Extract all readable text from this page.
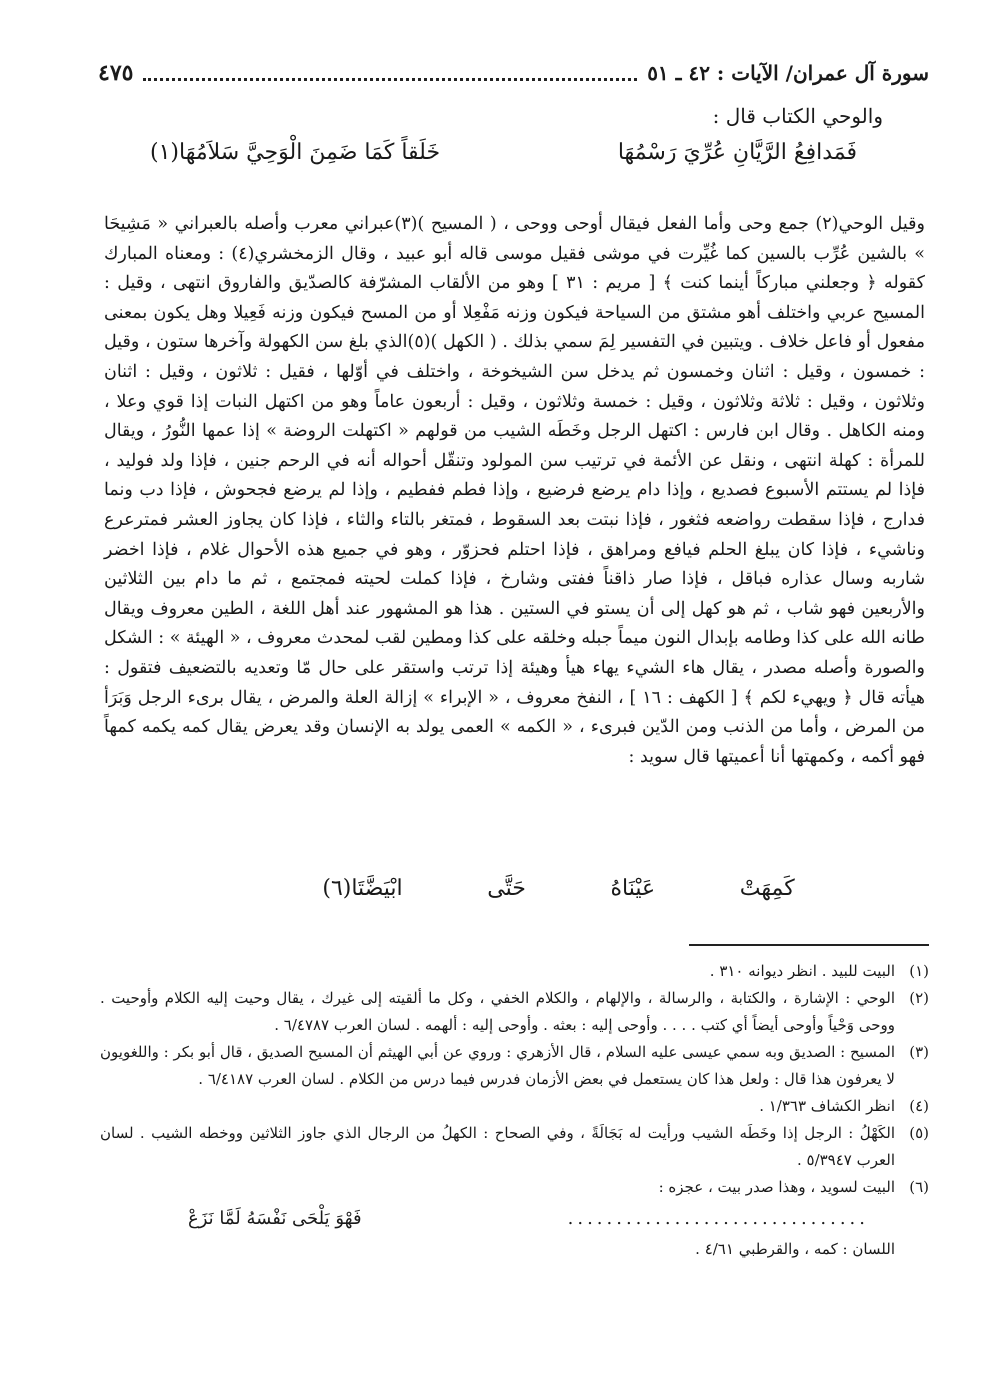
سورة آل عمران/ الآيات : ٤٢ ـ ٥١
٤٧٥
والوحي الكتاب قال :
فَمَدافِعُ الرَّيَّانِ عُرِّيَ رَسْمُهَا
خَلَقاً كَمَا ضَمِنَ الْوَحِيَّ سَلاَمُهَا(١)

وقيل الوحي(٢) جمع وحى وأما الفعل فيقال أوحى ووحى ، ( المسيح )(٣)عبراني معرب وأصله بالعبراني « مَشِيحَا » بالشين عُرِّب بالسين كما غُيِّرت في موشى فقيل موسى قاله أبو عبيد ، وقال الزمخشري(٤) : ومعناه المبارك كقوله ﴿ وجعلني مباركاً أينما كنت ﴾ [ مريم : ٣١ ] وهو من الألقاب المشرّفة كالصدّيق والفاروق انتهى ، وقيل : المسيح عربي واختلف أهو مشتق من السياحة فيكون وزنه مَفْعِلا أو من المسح فيكون وزنه فَعِيلا وهل يكون بمعنى مفعول أو فاعل خلاف . ويتبين في التفسير لِمَ سمي بذلك . ( الكهل )(٥)الذي بلغ سن الكهولة وآخرها ستون ، وقيل : خمسون ، وقيل : اثنان وخمسون ثم يدخل سن الشيخوخة ، واختلف في أوّلها ، فقيل : ثلاثون ، وقيل : اثنان وثلاثون ، وقيل : ثلاثة وثلاثون ، وقيل : خمسة وثلاثون ، وقيل : أربعون عاماً وهو من اكتهل النبات إذا قوي وعلا ، ومنه الكاهل . وقال ابن فارس : اكتهل الرجل وخَطَه الشيب من قولهم « اكتهلت الروضة » إذا عمها النُّورُ ، ويقال للمرأة : كهلة انتهى ، ونقل عن الأئمة في ترتيب سن المولود وتنقّل أحواله أنه في الرحم جنين ، فإذا ولد فوليد ، فإذا لم يستتم الأسبوع فصديع ، وإذا دام يرضع فرضيع ، وإذا فطم ففطيم ، وإذا لم يرضع فجحوش ، فإذا دب ونما فدارج ، فإذا سقطت رواضعه فثغور ، فإذا نبتت بعد السقوط ، فمتغر بالتاء والثاء ، فإذا كان يجاوز العشر فمترعرع وناشيء ، فإذا كان يبلغ الحلم فيافع ومراهق ، فإذا احتلم فحزوّر ، وهو في جميع هذه الأحوال غلام ، فإذا اخضر شاربه وسال عذاره فباقل ، فإذا صار ذاقناً ففتى وشارخ ، فإذا كملت لحيته فمجتمع ، ثم ما دام بين الثلاثين والأربعين فهو شاب ، ثم هو كهل إلى أن يستو في الستين . هذا هو المشهور عند أهل اللغة ، الطين معروف ويقال طانه الله على كذا وطامه بإبدال النون ميماً جبله وخلقه على كذا ومطين لقب لمحدث معروف ، « الهيئة » : الشكل والصورة وأصله مصدر ، يقال هاء الشيء يهاء هيأ وهيئة إذا ترتب واستقر على حال مّا وتعديه بالتضعيف فتقول : هيأته قال ﴿ ويهيء لكم ﴾ [ الكهف : ١٦ ] ، النفخ معروف ، « الإبراء » إزالة العلة والمرض ، يقال برىء الرجل وَبَرَأ من المرض ، وأما من الذنب ومن الدّين فبرىء ، « الكمه » العمى يولد به الإنسان وقد يعرض يقال كمه يكمه كمهاً فهو أكمه ، وكمهتها أنا أعميتها قال سويد :

كَمِهَتْ
عَيْنَاهُ
حَتَّى
ابْيَضَّتَا(٦)
(١)
البيت للبيد . انظر ديوانه ٣١٠ .
(٢)
الوحي : الإشارة ، والكتابة ، والرسالة ، والإلهام ، والكلام الخفي ، وكل ما ألقيته إلى غيرك ، يقال وحيت إليه الكلام وأوحيت . ووحى وَحْياً وأوحى أيضاً أي كتب . . . . وأوحى إليه : بعثه . وأوحى إليه : ألهمه . لسان العرب ٦/٤٧٨٧ .
(٣)
المسيح : الصديق وبه سمي عيسى عليه السلام ، قال الأزهري : وروي عن أبي الهيثم أن المسيح الصديق ، قال أبو بكر : واللغويون لا يعرفون هذا قال : ولعل هذا كان يستعمل في بعض الأزمان فدرس فيما درس من الكلام . لسان العرب ٦/٤١٨٧ .
(٤)
انظر الكشاف ١/٣٦٣ .
(٥)
الكَهْلُ : الرجل إذا وخَطَه الشيب ورأيت له بَجَالَةً ، وفي الصحاح : الكهلُ من الرجال الذي جاوز الثلاثين ووخطه الشيب . لسان العرب ٥/٣٩٤٧ .
(٦)
البيت لسويد ، وهذا صدر بيت ، عجزه :
...............................
فَهْوَ يَلْحَى نَفْسَهُ لَمَّا نَزَعْ
اللسان : كمه ، والقرطبي ٤/٦١ .
